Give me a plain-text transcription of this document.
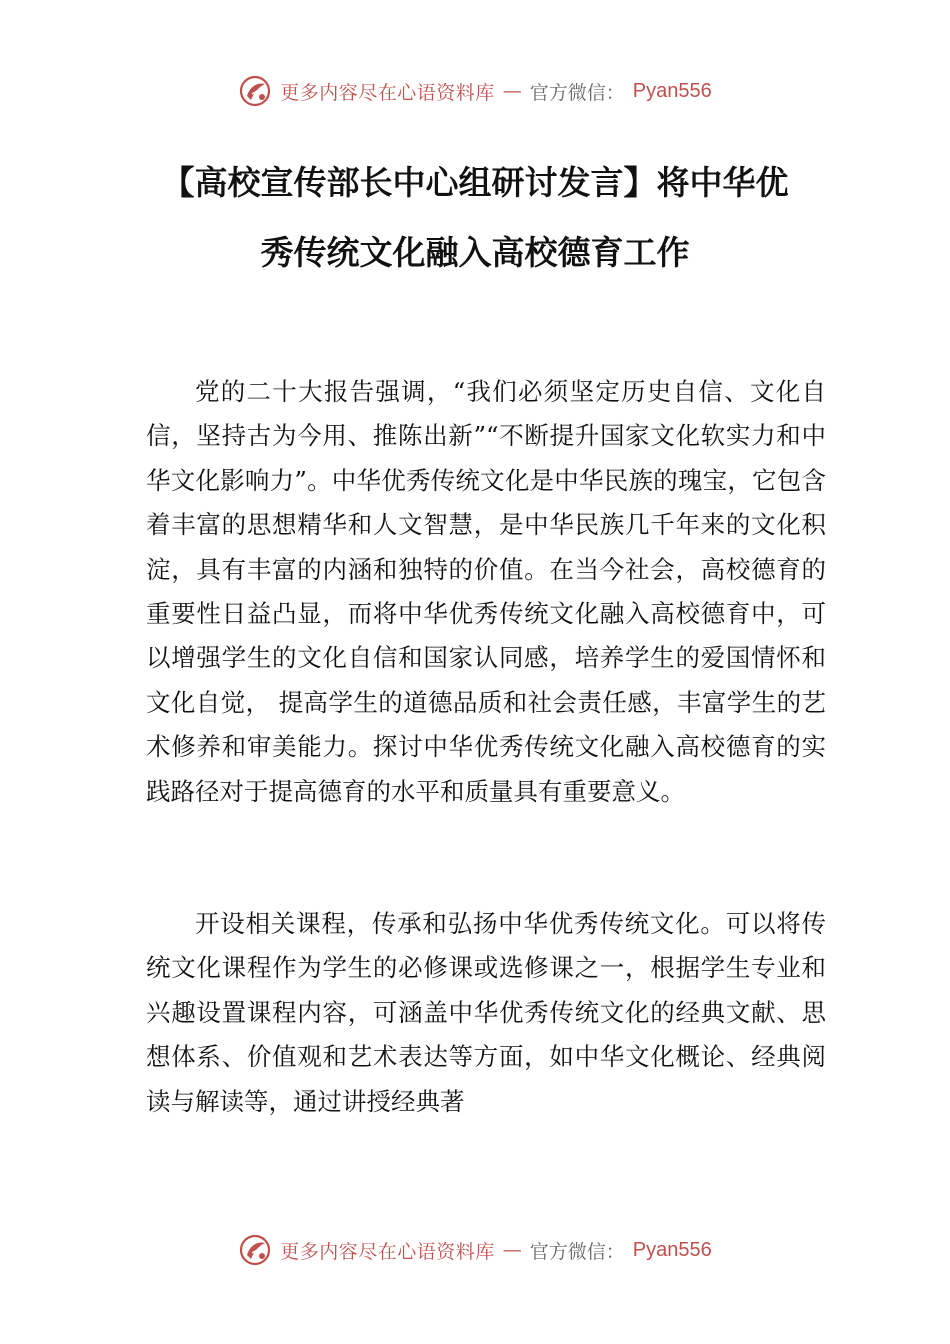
更多内容尽在心语资料库 — 官方微信： Pyan556
【高校宣传部长中心组研讨发言】将中华优
秀传统文化融入高校德育工作

党的二十大报告强调，“我们必须坚定历史自信、文化自信，坚持古为今用、推陈出新”“不断提升国家文化软实力和中华文化影响力”。中华优秀传统文化是中华民族的瑰宝，它包含着丰富的思想精华和人文智慧，是中华民族几千年来的文化积淀，具有丰富的内涵和独特的价值。在当今社会，高校德育的重要性日益凸显，而将中华优秀传统文化融入高校德育中，可以增强学生的文化自信和国家认同感，培养学生的爱国情怀和文化自觉， 提高学生的道德品质和社会责任感，丰富学生的艺术修养和审美能力。探讨中华优秀传统文化融入高校德育的实践路径对于提高德育的水平和质量具有重要意义。

开设相关课程，传承和弘扬中华优秀传统文化。可以将传统文化课程作为学生的必修课或选修课之一，根据学生专业和兴趣设置课程内容，可涵盖中华优秀传统文化的经典文献、思想体系、价值观和艺术表达等方面，如中华文化概论、经典阅读与解读等，通过讲授经典著

更多内容尽在心语资料库 — 官方微信： Pyan556
